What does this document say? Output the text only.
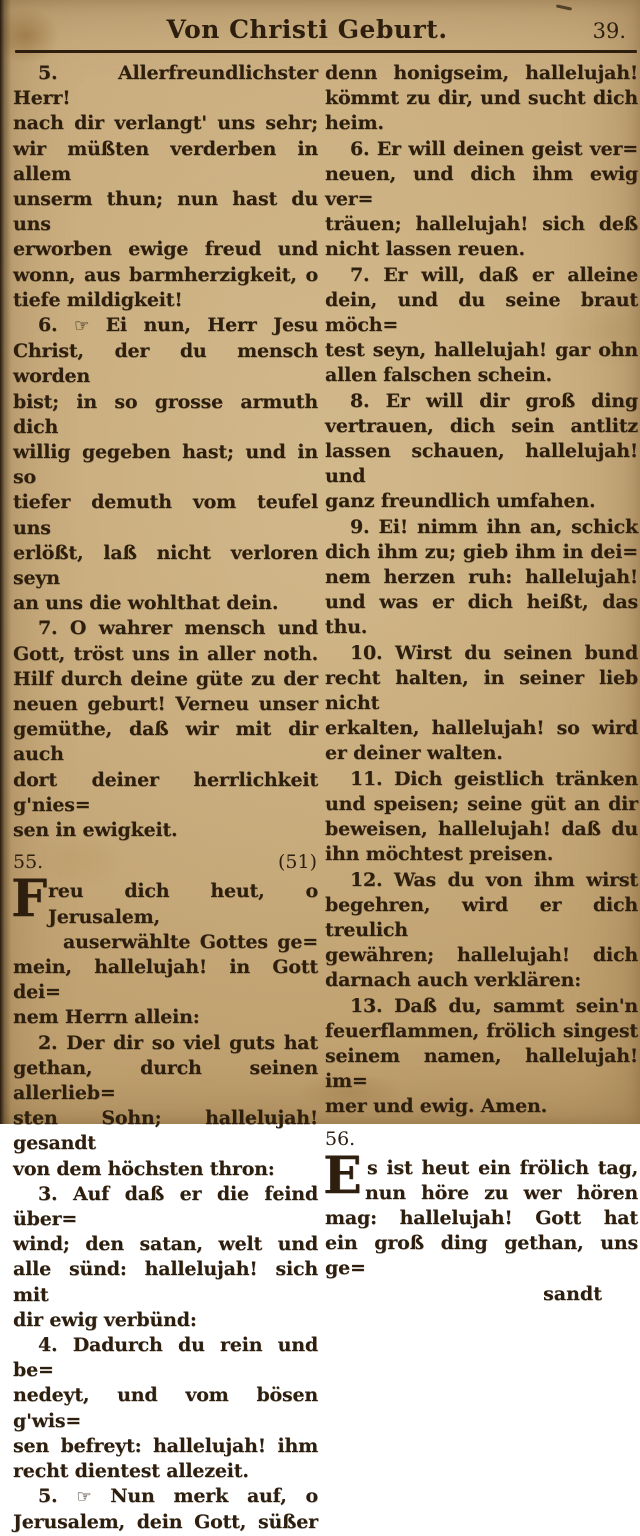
Von Christi Geburt.	39.
5. Allerfreundlichster Herr!
nach dir verlangt' uns sehr;
wir müßten verderben in allem
unserm thun; nun hast du uns
erworben ewige freud und
wonn, aus barmherzigkeit, o
tiefe mildigkeit!
6. ☞ Ei nun, Herr Jesu
Christ, der du mensch worden
bist; in so grosse armuth dich
willig gegeben hast; und in so
tiefer demuth vom teufel uns
erlößt, laß nicht verloren seyn
an uns die wohlthat dein.
7. O wahrer mensch und
Gott, tröst uns in aller noth.
Hilf durch deine güte zu der
neuen geburt! Verneu unser
gemüthe, daß wir mit dir auch
dort deiner herrlichkeit g'nies=
sen in ewigkeit.
55.	(51)
F reu dich heut, o Jerusalem,
auserwählte Gottes ge=
mein, hallelujah! in Gott dei=
nem Herrn allein:
2. Der dir so viel guts hat
gethan, durch seinen allerlieb=
sten Sohn; hallelujah! gesandt
von dem höchsten thron:
3. Auf daß er die feind über=
wind; den satan, welt und
alle sünd: hallelujah! sich mit
dir ewig verbünd:
4. Dadurch du rein und be=
nedeyt, und vom bösen g'wis=
sen befreyt: hallelujah! ihm
recht dientest allezeit.
5. ☞ Nun merk auf, o
Jerusalem, dein Gott, süßer
denn honigseim, hallelujah!
kömmt zu dir, und sucht dich
heim.
6. Er will deinen geist ver=
neuen, und dich ihm ewig ver=
träuen; hallelujah! sich deß
nicht lassen reuen.
7. Er will, daß er alleine
dein, und du seine braut möch=
test seyn, hallelujah! gar ohn
allen falschen schein.
8. Er will dir groß ding
vertrauen, dich sein antlitz
lassen schauen, hallelujah! und
ganz freundlich umfahen.
9. Ei! nimm ihn an, schick
dich ihm zu; gieb ihm in dei=
nem herzen ruh: hallelujah!
und was er dich heißt, das thu.
10. Wirst du seinen bund
recht halten, in seiner lieb nicht
erkalten, hallelujah! so wird
er deiner walten.
11. Dich geistlich tränken
und speisen; seine güt an dir
beweisen, hallelujah! daß du
ihn möchtest preisen.
12. Was du von ihm wirst
begehren, wird er dich treulich
gewähren; hallelujah! dich
darnach auch verklären:
13. Daß du, sammt sein'n
feuerflammen, frölich singest
seinem namen, hallelujah! im=
mer und ewig. Amen.
56.
E s ist heut ein frölich tag,
nun höre zu wer hören
mag: hallelujah! Gott hat
ein groß ding gethan, uns ge=
sandt
